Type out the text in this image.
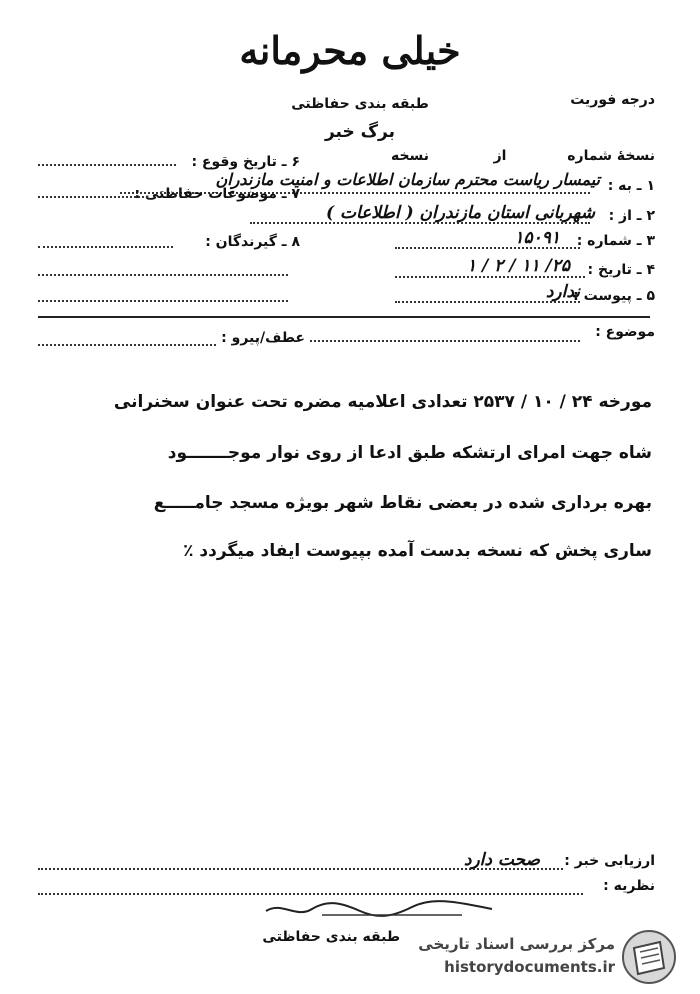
خیلی محرمانه
طبقه بندی حفاظتی	درجه فوریت
برگ خبر
نسخهٔ شماره
از
نسخه
۶ ـ تاریخ وقوع :
۱ ـ به :
تیمسار ریاست محترم سازمان اطلاعات و امنیت مازندران
۷ ـ موضوعات حفاظتی :
۲ ـ از :
شهربانی استان مازندران ( اطلاعات )
۳ ـ شماره :
۱۵۰۹۱
۸ ـ گیرندگان :
۴ ـ تاریخ :
۲۵/ ۱۱ / ۲ / ۱
۵ ـ پیوست :
ندارد
موضوع :
عطف/پیرو :
مورخه ۲۴ / ۱۰ / ۲۵۳۷ تعدادی اعلامیه مضره تحت عنوان سخنرانی
شاه جهت امرای ارتشکه طبق ادعا از روی نوار موجـــــــود
بهره برداری شده در بعضی نقاط شهر بویژه مسجد جامـــــع
ساری پخش که نسخه بدست آمده بپیوست ایفاد میگردد ٪
ارزیابی خبر :
صحت دارد
نظریه :
طبقه بندی حفاظتی مرکز بررسی اسناد تاریخی
historydocuments.ir
